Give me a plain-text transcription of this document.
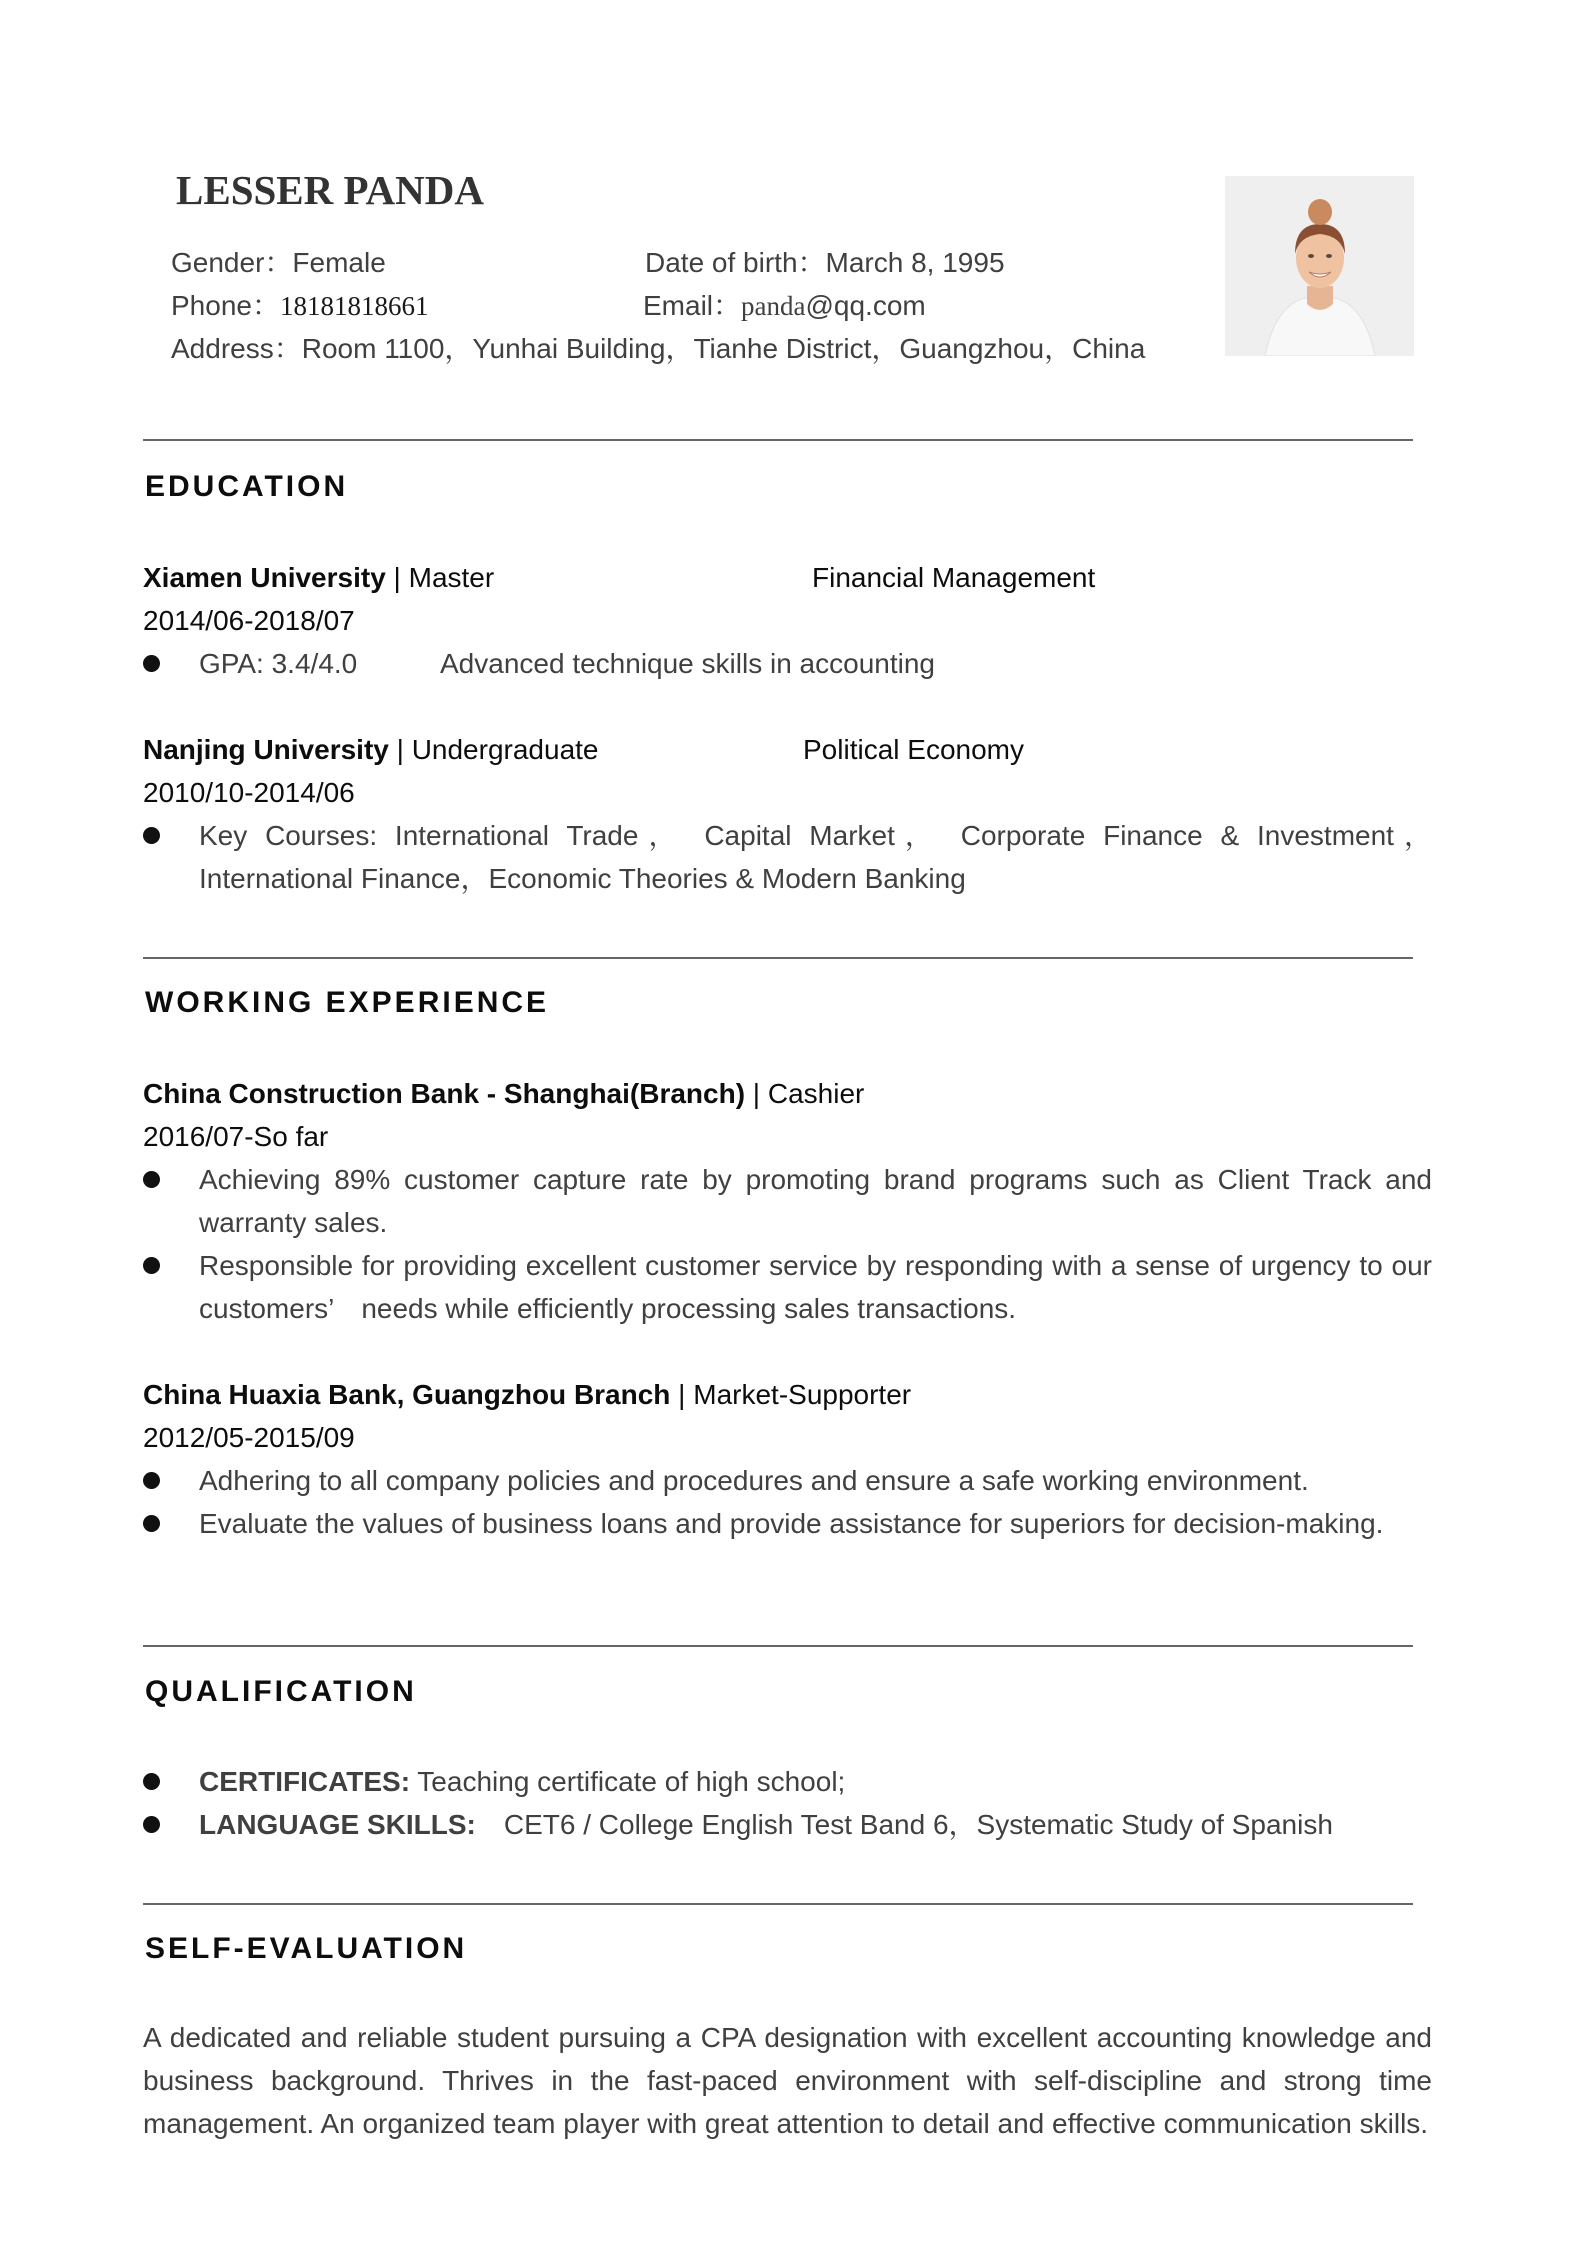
LESSER PANDA
Gender：Female	Date of birth：March 8, 1995
Phone：18181818661	Email：panda@qq.com
Address：Room 1100，Yunhai Building，Tianhe District，Guangzhou，China
EDUCATION
Xiamen University | Master	Financial Management
2014/06-2018/07
GPA: 3.4/4.0	Advanced technique skills in accounting
Nanjing University | Undergraduate	Political Economy
2010/10-2014/06
Key Courses: International Trade， Capital Market， Corporate Finance & Investment，
International Finance，Economic Theories & Modern Banking
WORKING EXPERIENCE
China Construction Bank - Shanghai(Branch) | Cashier
2016/07-So far
Achieving 89% customer capture rate by promoting brand programs such as Client Track and warranty sales.
Responsible for providing excellent customer service by responding with a sense of urgency to our customers’　needs while efficiently processing sales transactions.
China Huaxia Bank, Guangzhou Branch | Market-Supporter
2012/05-2015/09
Adhering to all company policies and procedures and ensure a safe working environment.
Evaluate the values of business loans and provide assistance for superiors for decision-making.
QUALIFICATION
CERTIFICATES: Teaching certificate of high school;
LANGUAGE SKILLS:　CET6 / College English Test Band 6，Systematic Study of Spanish
SELF-EVALUATION
A dedicated and reliable student pursuing a CPA designation with excellent accounting knowledge and business background. Thrives in the fast-paced environment with self-discipline and strong time management. An organized team player with great attention to detail and effective communication skills.
